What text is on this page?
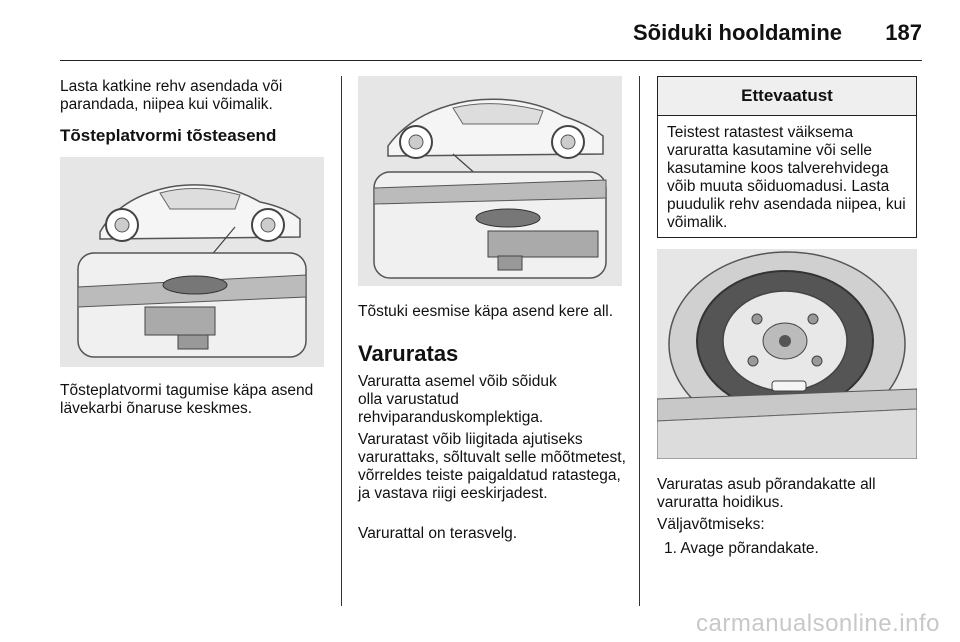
Sõiduki hooldamine 187
Lasta katkine rehv asendada või parandada, niipea kui võimalik.
Tõsteplatvormi tõsteasend
Tõsteplatvormi tagumise käpa asend lävekarbi õnaruse keskmes.
Tõstuki eesmise käpa asend kere all.
Varuratas
Varuratta asemel võib sõiduk olla varustatud rehviparanduskomplektiga.
Varuratast võib liigitada ajutiseks varurattaks, sõltuvalt selle mõõtmetest, võrreldes teiste paigaldatud ratastega, ja vastava riigi eeskirjadest.
Varurattal on terasvelg.
Ettevaatust
Teistest ratastest väiksema varuratta kasutamine või selle kasutamine koos talverehvidega võib muuta sõiduomadusi. Lasta puudulik rehv asendada niipea, kui võimalik.
Varuratas asub põrandakatte all varuratta hoidikus.
Väljavõtmiseks:
1. Avage põrandakate.
carmanualsonline.info
